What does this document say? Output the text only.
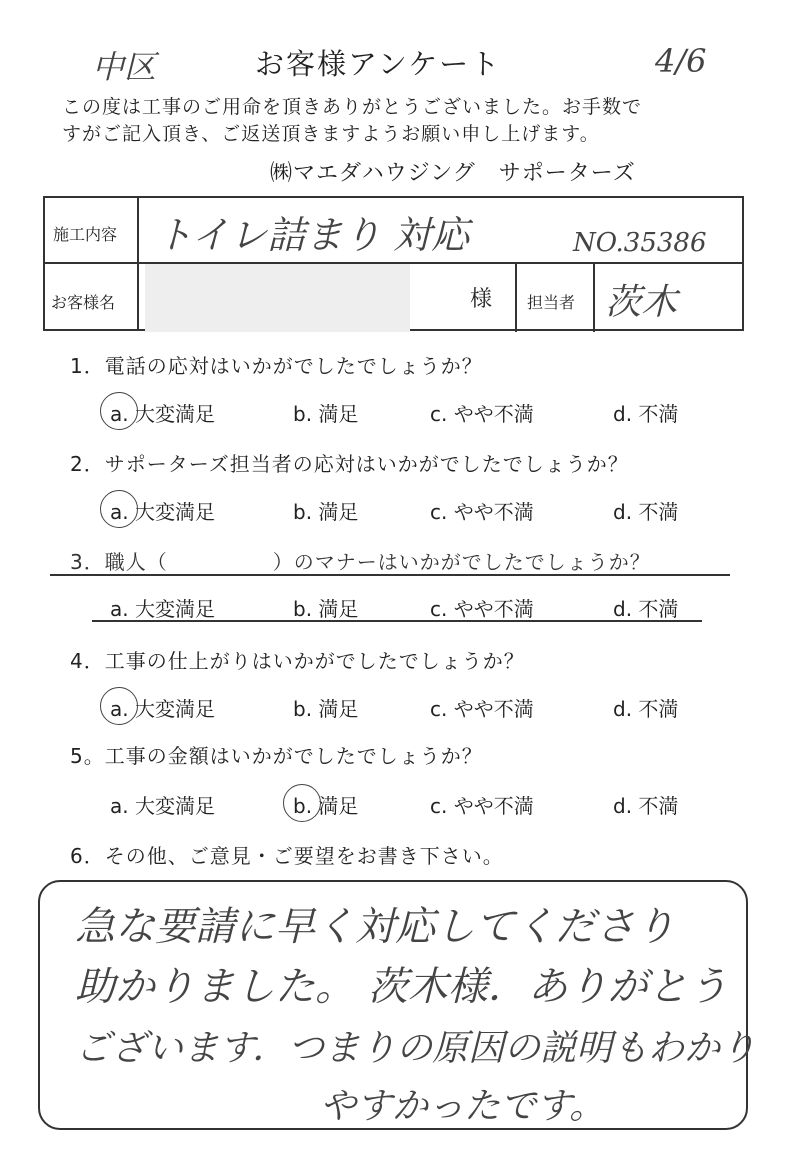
中区	4/6
お客様アンケート
この度は工事のご用命を頂きありがとうございました。お手数で
すがご記入頂き、ご返送頂きますようお願い申し上げます。
㈱マエダハウジング　サポーターズ
施工内容 トイレ詰まり 対応	NO.35386
お客様名	様 担当者 茨木
1．電話の応対はいかがでしたでしょうか？
2．サポーターズ担当者の応対はいかがでしたでしょうか？
3．職人（　　　　　）のマナーはいかがでしたでしょうか？
4．工事の仕上がりはいかがでしたでしょうか？
5。工事の金額はいかがでしたでしょうか？
6．その他、ご意見・ご要望をお書き下さい。
a. 大変満足	b. 満足	c. やや不満	d. 不満
a. 大変満足	b. 満足	c. やや不満	d. 不満
a. 大変満足	b. 満足	c. やや不満	d. 不満
a. 大変満足	b. 満足	c. やや不満	d. 不満
a. 大変満足	b. 満足	c. やや不満	d. 不満
急な要請に早く対応してくださり
助かりました。 茨木様．ありがとう
ございます．つまりの原因の説明もわかり
やすかったです。
